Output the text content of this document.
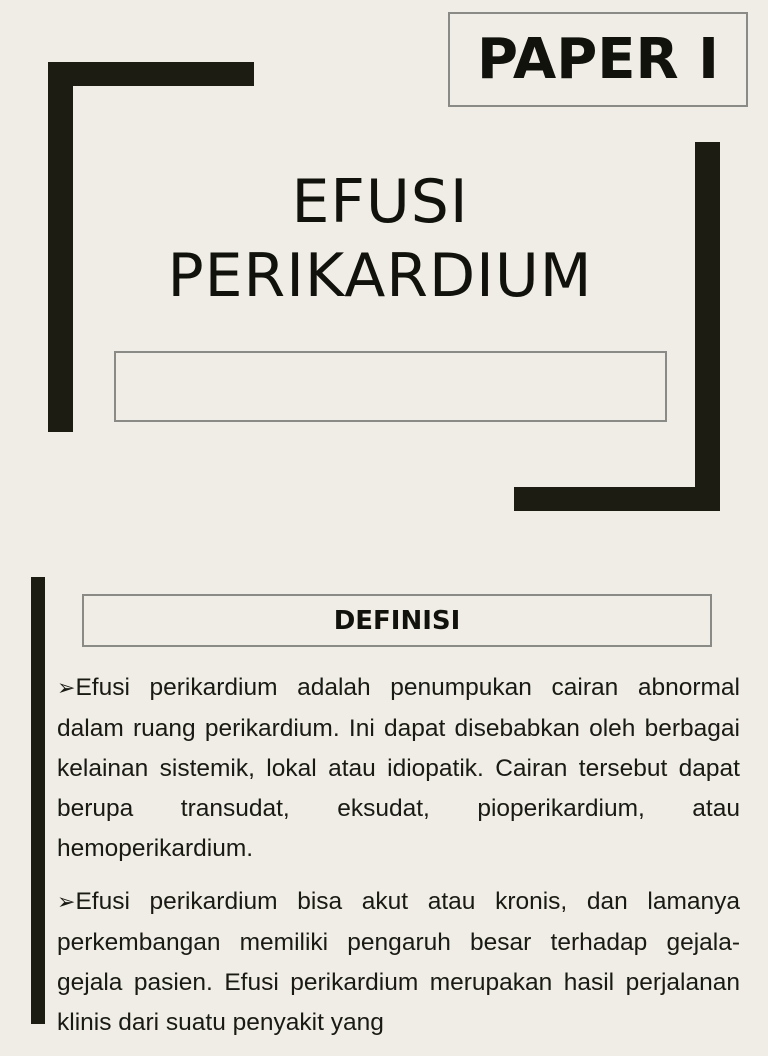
PAPER I
EFUSI
PERIKARDIUM
DEFINISI

➢Efusi perikardium adalah penumpukan cairan abnormal dalam ruang perikardium. Ini dapat disebabkan oleh berbagai kelainan sistemik, lokal atau idiopatik. Cairan tersebut dapat berupa transudat, eksudat, pioperikardium, atau hemoperikardium.

➢Efusi perikardium bisa akut atau kronis, dan lamanya perkembangan memiliki pengaruh besar terhadap gejala-gejala pasien. Efusi perikardium merupakan hasil perjalanan klinis dari suatu penyakit yang
